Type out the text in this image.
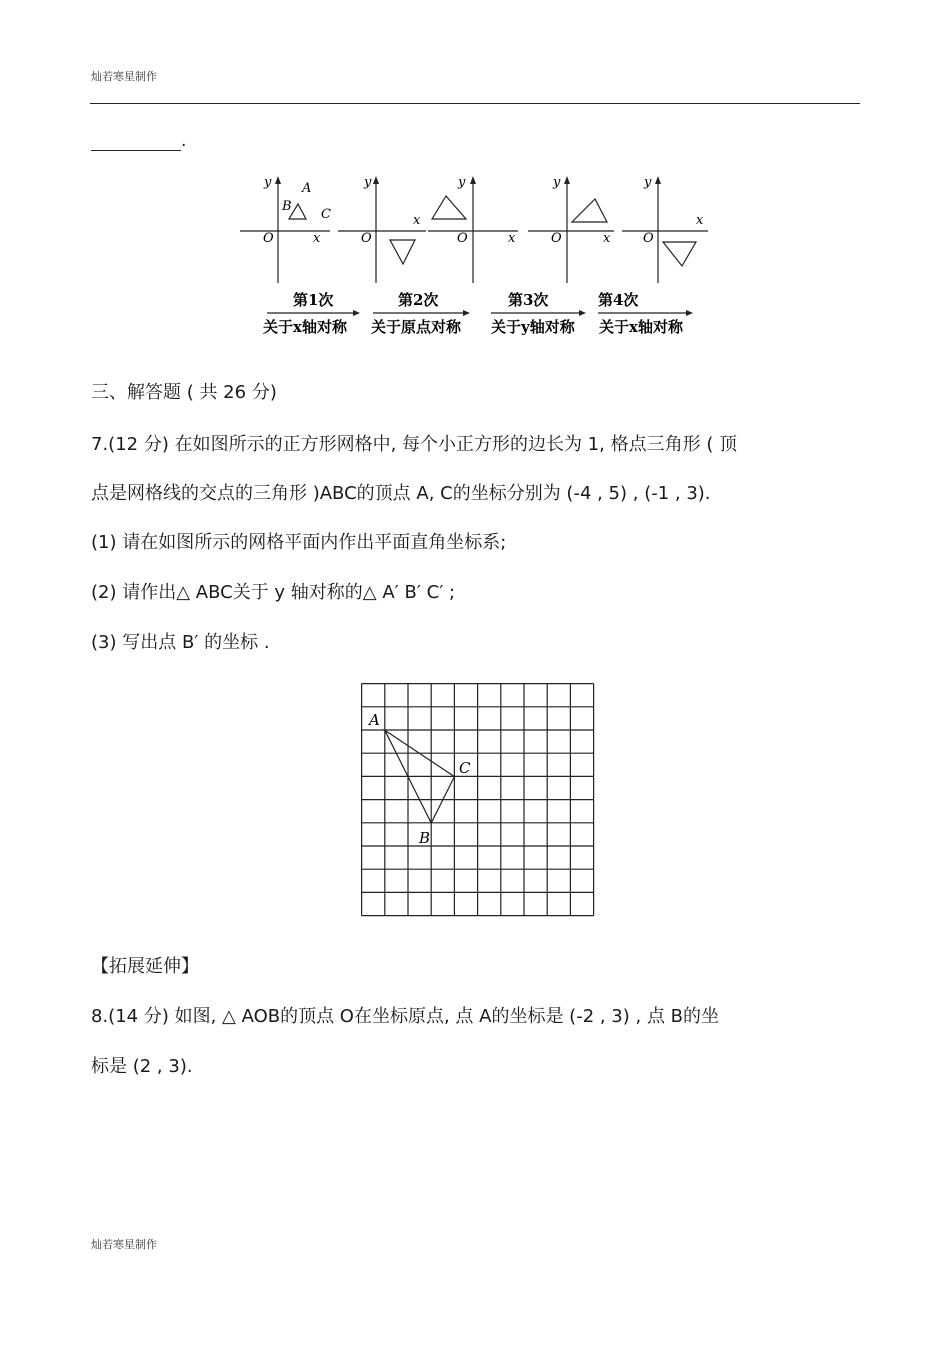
灿若寒星制作
.
y
x
O
A
B
C
y
x
O
y
x
O
y
x
O
y
x
O
第1次
关于x轴对称
第2次
关于原点对称
第3次
关于y轴对称
第4次
关于x轴对称
三、解答题 ( 共 26 分)
7.(12 分) 在如图所示的正方形网格中, 每个小正方形的边长为 1, 格点三角形 ( 顶
点是网格线的交点的三角形 )ABC的顶点 A, C的坐标分别为 (-4 , 5) , (-1 , 3).
(1) 请在如图所示的网格平面内作出平面直角坐标系;
(2) 请作出△ ABC关于 y 轴对称的△ A′ B′ C′ ;
(3) 写出点 B′ 的坐标 .
A
B
C
【拓展延伸】
8.(14 分) 如图, △ AOB的顶点 O在坐标原点, 点 A的坐标是 (-2 , 3) , 点 B的坐
标是 (2 , 3).
灿若寒星制作
